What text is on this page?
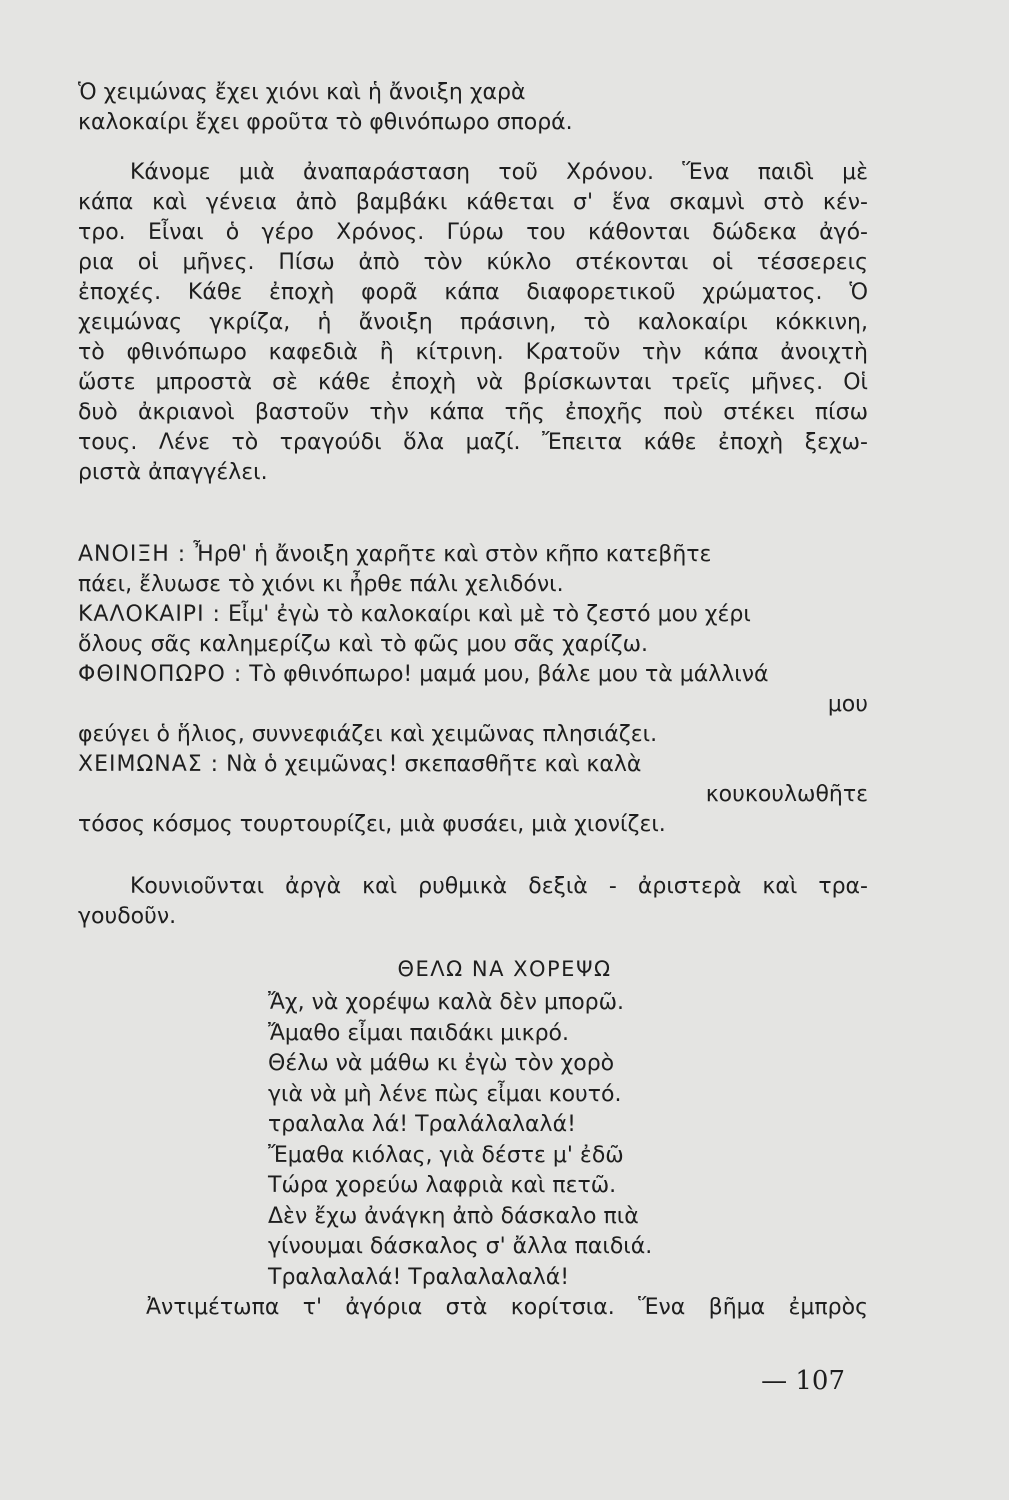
Ὁ χειμώνας ἔχει χιόνι καὶ ἡ ἄνοιξη χαρὰ
καλοκαίρι ἔχει φροῦτα τὸ φθινόπωρο σπορά.
Κάνομε μιὰ ἀναπαράσταση τοῦ Χρόνου. Ἕνα παιδὶ μὲ
κάπα καὶ γένεια ἀπὸ βαμβάκι κάθεται σ' ἕνα σκαμνὶ στὸ κέν-
τρο. Εἶναι ὁ γέρο Χρόνος. Γύρω του κάθονται δώδεκα ἀγό-
ρια οἱ μῆνες. Πίσω ἀπὸ τὸν κύκλο στέκονται οἱ τέσσερεις
ἐποχές. Κάθε ἐποχὴ φορᾶ κάπα διαφορετικοῦ χρώματος. Ὁ
χειμώνας γκρίζα, ἡ ἄνοιξη πράσινη, τὸ καλοκαίρι κόκκινη,
τὸ φθινόπωρο καφεδιὰ ἢ κίτρινη. Κρατοῦν τὴν κάπα ἀνοιχτὴ
ὥστε μπροστὰ σὲ κάθε ἐποχὴ νὰ βρίσκωνται τρεῖς μῆνες. Οἱ
δυὸ ἀκριανοὶ βαστοῦν τὴν κάπα τῆς ἐποχῆς ποὺ στέκει πίσω
τους. Λένε τὸ τραγούδι ὅλα μαζί. Ἔπειτα κάθε ἐποχὴ ξεχω-
ριστὰ ἀπαγγέλει.
ΑΝΟΙΞΗ : Ἦρθ' ἡ ἄνοιξη χαρῆτε καὶ στὸν κῆπο κατεβῆτε
πάει, ἔλυωσε τὸ χιόνι κι ἦρθε πάλι χελιδόνι.
ΚΑΛΟΚΑΙΡΙ : Εἶμ' ἐγὼ τὸ καλοκαίρι καὶ μὲ τὸ ζεστό μου χέρι
ὅλους σᾶς καλημερίζω καὶ τὸ φῶς μου σᾶς χαρίζω.
ΦΘΙΝΟΠΩΡΟ : Τὸ φθινόπωρο! μαμά μου, βάλε μου τὰ μάλλινά
μου
φεύγει ὁ ἥλιος, συννεφιάζει καὶ χειμῶνας πλησιάζει.
ΧΕΙΜΩΝΑΣ : Νὰ ὁ χειμῶνας! σκεπασθῆτε καὶ καλὰ
κουκουλωθῆτε
τόσος κόσμος τουρτουρίζει, μιὰ φυσάει, μιὰ χιονίζει.
Κουνιοῦνται ἀργὰ καὶ ρυθμικὰ δεξιὰ - ἀριστερὰ καὶ τρα-
γουδοῦν.
ΘΕΛΩ ΝΑ ΧΟΡΕΨΩ
Ἄχ, νὰ χορέψω καλὰ δὲν μπορῶ.
Ἄμαθο εἶμαι παιδάκι μικρό.
Θέλω νὰ μάθω κι ἐγὼ τὸν χορὸ
γιὰ νὰ μὴ λένε πὼς εἶμαι κουτό.
τραλαλα λά! Τραλάλαλαλά!
Ἔμαθα κιόλας, γιὰ δέστε μ' ἐδῶ
Τώρα χορεύω λαφριὰ καὶ πετῶ.
Δὲν ἔχω ἀνάγκη ἀπὸ δάσκαλο πιὰ
γίνουμαι δάσκαλος σ' ἄλλα παιδιά.
Τραλαλαλά! Τραλαλαλαλά!
Ἀντιμέτωπα τ' ἀγόρια στὰ κορίτσια. Ἕνα βῆμα ἐμπρὸς
— 107
